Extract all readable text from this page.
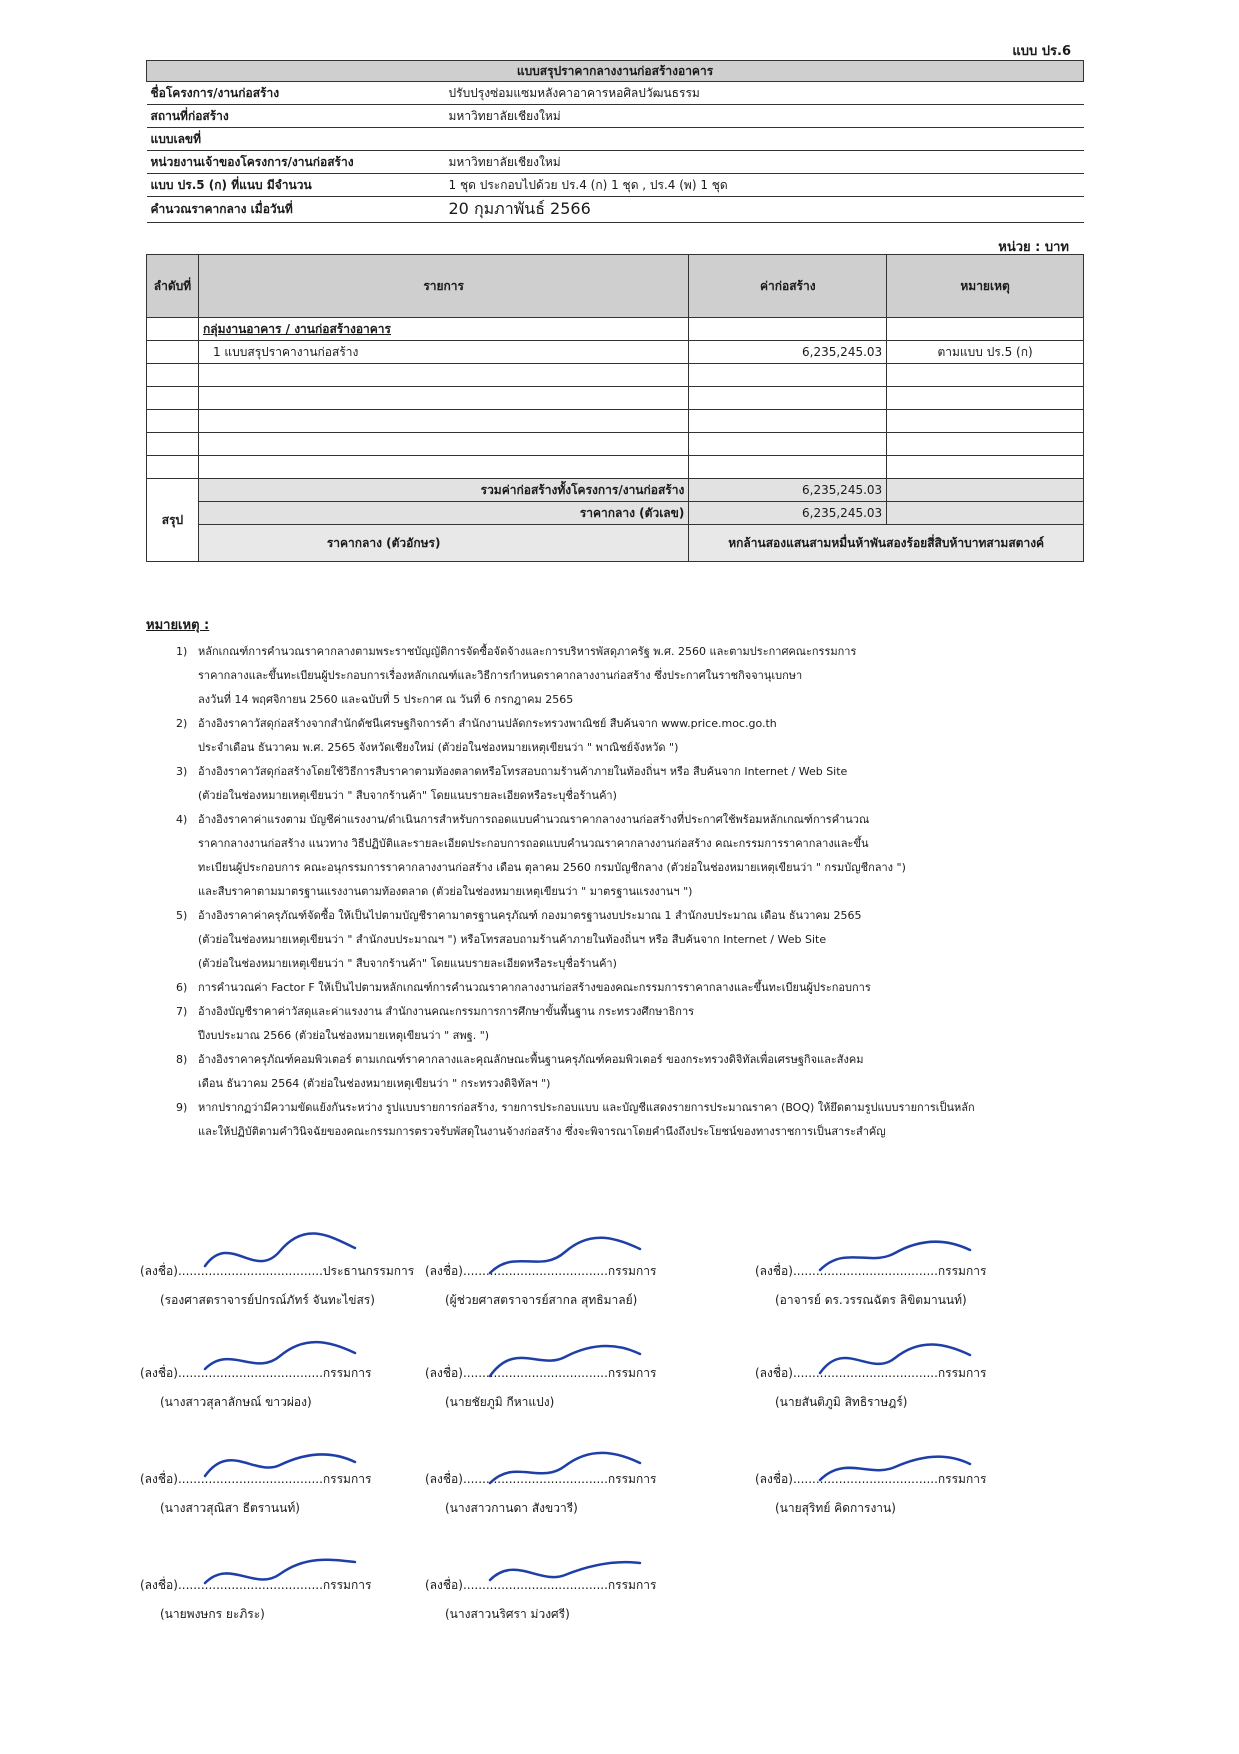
แบบ ปร.6
แบบสรุปราคากลางงานก่อสร้างอาคาร	
ชื่อโครงการ/งานก่อสร้าง	ปรับปรุงซ่อมแซมหลังคาอาคารหอศิลปวัฒนธรรม
สถานที่ก่อสร้าง	มหาวิทยาลัยเชียงใหม่
แบบเลขที่	
หน่วยงานเจ้าของโครงการ/งานก่อสร้าง	มหาวิทยาลัยเชียงใหม่
แบบ ปร.5 (ก) ที่แนบ มีจำนวน	1 ชุด ประกอบไปด้วย ปร.4 (ก) 1 ชุด , ปร.4 (พ) 1 ชุด
คำนวณราคากลาง เมื่อวันที่	20 กุมภาพันธ์ 2566
หน่วย : บาท
ลำดับที่	รายการ	ค่าก่อสร้าง	หมายเหตุ
	กลุ่มงานอาคาร / งานก่อสร้างอาคาร		
	1 แบบสรุปราคางานก่อสร้าง	6,235,245.03	ตามแบบ ปร.5 (ก)

สรุป	รวมค่าก่อสร้างทั้งโครงการ/งานก่อสร้าง	6,235,245.03	
	ราคากลาง (ตัวเลข)	6,235,245.03	
	ราคากลาง (ตัวอักษร)	หกล้านสองแสนสามหมื่นห้าพันสองร้อยสี่สิบห้าบาทสามสตางค์	
หมายเหตุ :
1) หลักเกณฑ์การคำนวณราคากลางตามพระราชบัญญัติการจัดซื้อจัดจ้างและการบริหารพัสดุภาครัฐ พ.ศ. 2560 และตามประกาศคณะกรรมการ
ราคากลางและขึ้นทะเบียนผู้ประกอบการเรื่องหลักเกณฑ์และวิธีการกำหนดราคากลางงานก่อสร้าง ซึ่งประกาศในราชกิจจานุเบกษา
ลงวันที่ 14 พฤศจิกายน 2560 และฉบับที่ 5 ประกาศ ณ วันที่ 6 กรกฎาคม 2565
2) อ้างอิงราคาวัสดุก่อสร้างจากสำนักดัชนีเศรษฐกิจการค้า สำนักงานปลัดกระทรวงพาณิชย์ สืบค้นจาก www.price.moc.go.th
ประจำเดือน ธันวาคม พ.ศ. 2565 จังหวัดเชียงใหม่ (ตัวย่อในช่องหมายเหตุเขียนว่า " พาณิชย์จังหวัด ")
3) อ้างอิงราคาวัสดุก่อสร้างโดยใช้วิธีการสืบราคาตามท้องตลาดหรือโทรสอบถามร้านค้าภายในท้องถิ่นฯ หรือ สืบค้นจาก Internet / Web Site
(ตัวย่อในช่องหมายเหตุเขียนว่า " สืบจากร้านค้า" โดยแนบรายละเอียดหรือระบุชื่อร้านค้า)
4) อ้างอิงราคาค่าแรงตาม บัญชีค่าแรงงาน/ดำเนินการสำหรับการถอดแบบคำนวณราคากลางงานก่อสร้างที่ประกาศใช้พร้อมหลักเกณฑ์การคำนวณ
ราคากลางงานก่อสร้าง แนวทาง วิธีปฏิบัติและรายละเอียดประกอบการถอดแบบคำนวณราคากลางงานก่อสร้าง คณะกรรมการราคากลางและขึ้น
ทะเบียนผู้ประกอบการ คณะอนุกรรมการราคากลางงานก่อสร้าง เดือน ตุลาคม 2560 กรมบัญชีกลาง (ตัวย่อในช่องหมายเหตุเขียนว่า " กรมบัญชีกลาง ")
และสืบราคาตามมาตรฐานแรงงานตามท้องตลาด (ตัวย่อในช่องหมายเหตุเขียนว่า " มาตรฐานแรงงานฯ ")
5) อ้างอิงราคาค่าครุภัณฑ์จัดซื้อ ให้เป็นไปตามบัญชีราคามาตรฐานครุภัณฑ์ กองมาตรฐานงบประมาณ 1 สำนักงบประมาณ เดือน ธันวาคม 2565
(ตัวย่อในช่องหมายเหตุเขียนว่า " สำนักงบประมาณฯ ") หรือโทรสอบถามร้านค้าภายในท้องถิ่นฯ หรือ สืบค้นจาก Internet / Web Site
(ตัวย่อในช่องหมายเหตุเขียนว่า " สืบจากร้านค้า" โดยแนบรายละเอียดหรือระบุชื่อร้านค้า)
6) การคำนวณค่า Factor F ให้เป็นไปตามหลักเกณฑ์การคำนวณราคากลางงานก่อสร้างของคณะกรรมการราคากลางและขึ้นทะเบียนผู้ประกอบการ
7) อ้างอิงบัญชีราคาค่าวัสดุและค่าแรงงาน สำนักงานคณะกรรมการการศึกษาขั้นพื้นฐาน กระทรวงศึกษาธิการ
ปีงบประมาณ 2566 (ตัวย่อในช่องหมายเหตุเขียนว่า " สพฐ. ")
8) อ้างอิงราคาครุภัณฑ์คอมพิวเตอร์ ตามเกณฑ์ราคากลางและคุณลักษณะพื้นฐานครุภัณฑ์คอมพิวเตอร์ ของกระทรวงดิจิทัลเพื่อเศรษฐกิจและสังคม
เดือน ธันวาคม 2564 (ตัวย่อในช่องหมายเหตุเขียนว่า " กระทรวงดิจิทัลฯ ")
9) หากปรากฏว่ามีความขัดแย้งกันระหว่าง รูปแบบรายการก่อสร้าง, รายการประกอบแบบ และบัญชีแสดงรายการประมาณราคา (BOQ) ให้ยึดตามรูปแบบรายการเป็นหลัก
และให้ปฏิบัติตามคำวินิจฉัยของคณะกรรมการตรวจรับพัสดุในงานจ้างก่อสร้าง ซึ่งจะพิจารณาโดยคำนึงถึงประโยชน์ของทางราชการเป็นสาระสำคัญ
(ลงชื่อ)......................................ประธานกรรมการ
(รองศาสตราจารย์ปกรณ์ภัทร์ จันทะไข่สร)
(ลงชื่อ)......................................กรรมการ
(ผู้ช่วยศาสตราจารย์สากล สุทธิมาลย์)
(ลงชื่อ)......................................กรรมการ
(อาจารย์ ดร.วรรณฉัตร ลิขิตมานนท์)
(ลงชื่อ)......................................กรรมการ
(นางสาวสุลาลักษณ์ ขาวผ่อง)
(ลงชื่อ)......................................กรรมการ
(นายชัยภูมิ กีหาแปง)
(ลงชื่อ)......................................กรรมการ
(นายสันติภูมิ สิทธิราษฎร์)
(ลงชื่อ)......................................กรรมการ
(นางสาวสุณิสา ธีตรานนท์)
(ลงชื่อ)......................................กรรมการ
(นางสาวกานดา สังขวารี)
(ลงชื่อ)......................................กรรมการ
(นายสุริทย์ คิดการงาน)
(ลงชื่อ)......................................กรรมการ
(นายพงษกร ยะภิระ)
(ลงชื่อ)......................................กรรมการ
(นางสาวนริศรา ม่วงศรี)
